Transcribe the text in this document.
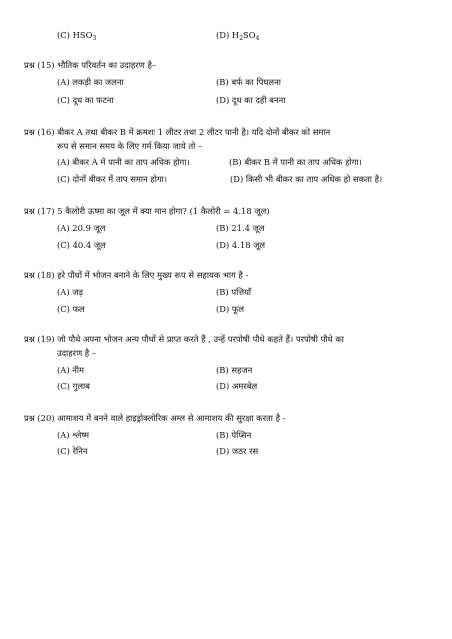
(C) $HSO_3$	(D) $H_2SO_4$
प्रश्न (15) भौतिक परिवर्तन का उदाहरण है–
(A) लकड़ी का जलना	(B) बर्फ का पिघलना
(C) दूध का फटना	(D) दूध का दही बनना
प्रश्न (16) बीकर A तथा बीकर B में क्रमशः 1 लीटर तथा 2 लीटर पानी है। यदि दोनों बीकर को समान
रूप से समान समय के लिए गर्म किया जाये तो –
(A) बीकर A में पानी का ताप अधिक होगा।	(B) बीकर B में पानी का ताप अधिक होगा।
(C) दोनों बीकर में ताप समान होगा।	(D) किसी भी बीकर का ताप अधिक हो सकता है।
प्रश्न (17) 5 कैलोरी ऊष्मा का जूल में क्या मान होगा? (1 कैलोरी = 4.18 जूल)
(A) 20.9 जूल	(B) 21.4 जूल
(C) 40.4 जूल	(D) 4.18 जूल
प्रश्न (18) हरे पौधों में भोजन बनाने के लिए मुख्य रूप से सहायक भाग है -
(A) जड़	(B) पत्तियाँ
(C) फल	(D) फूल
प्रश्न (19) जो पौधे अपना भोजन अन्य पौधों से प्राप्त करते हैं , उन्हें परपोषी पौधे कहते हैं। परपोषी पौधे का
उदाहरण है –
(A) नीम	(B) सहजन
(C) गुलाब	(D) अमरबेल
प्रश्न (20) आमाशय में बनने वाले हाइड्रोक्लोरिक अम्ल से आमाशय की सुरक्षा करता है -
(A) श्लेष्म	(B) पेप्सिन
(C) रेनिन	(D) जठर रस
